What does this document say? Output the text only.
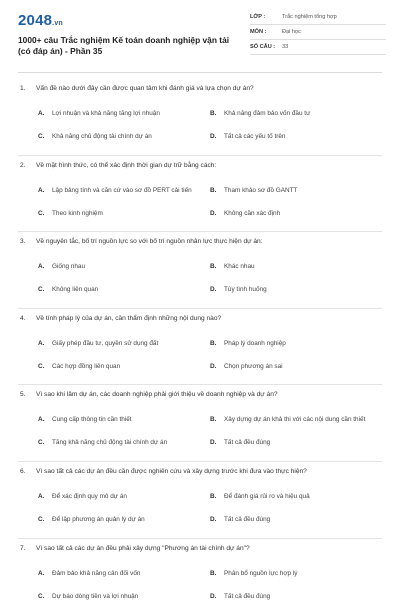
2048.vn
1000+ câu Trắc nghiệm Kế toán doanh nghiệp vận tải (có đáp án) - Phần 35
LỚP :	Trắc nghiệm tổng hợp
MÔN :	Đại học
SỐ CÂU :	33
1.	Vấn đề nào dưới đây cần được quan tâm khi đánh giá và lựa chọn dự án?
A.	Lợi nhuận và khả năng tăng lợi nhuận	B.	Khả năng đảm bảo vốn đầu tư
C.	Khả năng chủ động tài chính dự án	D.	Tất cả các yếu tố trên
2.	Về mặt hình thức, có thể xác định thời gian dự trữ bằng cách:
A.	Lập bảng tính và căn cứ vào sơ đồ PERT cải tiến	B.	Tham khảo sơ đồ GANTT
C.	Theo kinh nghiệm	D.	Không cần xác định
3.	Về nguyên tắc, bố trí nguồn lực so với bố trí nguồn nhân lực thực hiện dự án:
A.	Giống nhau	B.	Khác nhau
C.	Không liên quan	D.	Tùy tình huống
4.	Về tính pháp lý của dự án, cần thẩm định những nội dung nào?
A.	Giấy phép đầu tư, quyền sử dụng đất	B.	Pháp lý doanh nghiệp
C.	Các hợp đồng liên quan	D.	Chọn phương án sai
5.	Vì sao khi lâm dự án, các doanh nghiệp phải giới thiệu về doanh nghiệp và dự án?
A.	Cung cấp thông tin cần thiết	B.	Xây dựng dự án khả thi với các nội dung cần thiết
C.	Tăng khả năng chủ động tài chính dự án	D.	Tất cả đều đúng
6.	Vì sao tất cả các dự án đều cần được nghiên cứu và xây dựng trước khi đưa vào thực hiện?
A.	Để xác định quy mô dự án	B.	Để đánh giá rủi ro và hiệu quả
C.	Để lập phương án quản lý dự án	D.	Tất cả đều đúng
7.	Vì sao tất cả các dự án đều phải xây dựng "Phương án tài chính dự án"?
A.	Đảm bảo khả năng cân đối vốn	B.	Phân bổ nguồn lực hợp lý
C.	Dự báo dòng tiền và lợi nhuận	D.	Tất cả đều đúng
